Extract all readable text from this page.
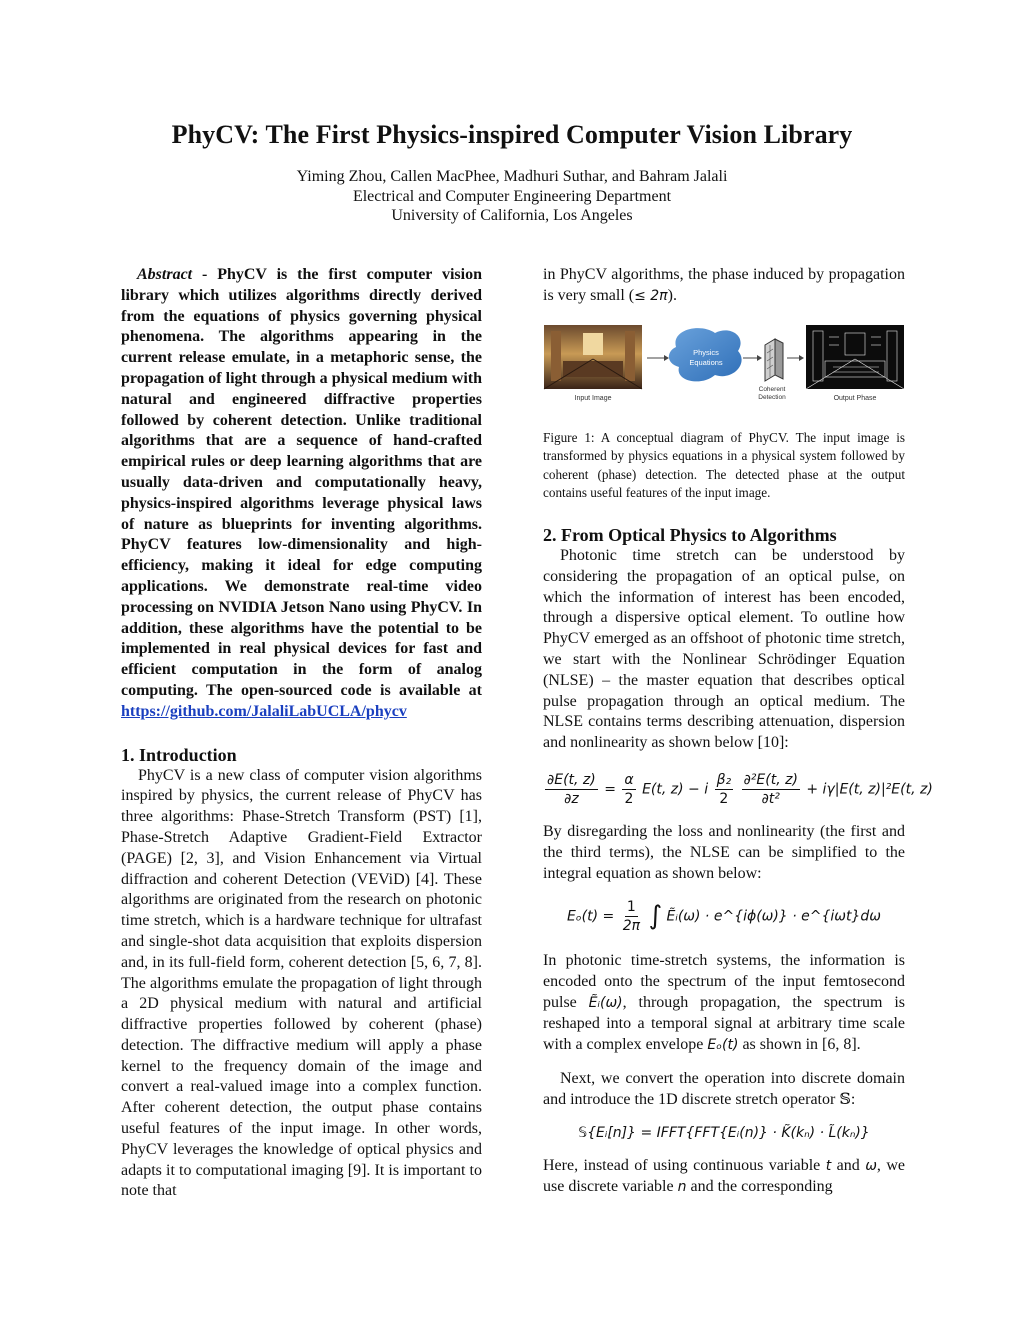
PhyCV: The First Physics-inspired Computer Vision Library
Yiming Zhou, Callen MacPhee, Madhuri Suthar, and Bahram Jalali
Electrical and Computer Engineering Department
University of California, Los Angeles

Abstract - PhyCV is the first computer vision library which utilizes algorithms directly derived from the equations of physics governing physical phenomena. The algorithms appearing in the current release emulate, in a metaphoric sense, the propagation of light through a physical medium with natural and engineered diffractive properties followed by coherent detection. Unlike traditional algorithms that are a sequence of hand-crafted empirical rules or deep learning algorithms that are usually data-driven and computationally heavy, physics-inspired algorithms leverage physical laws of nature as blueprints for inventing algorithms. PhyCV features low-dimensionality and high-efficiency, making it ideal for edge computing applications. We demonstrate real-time video processing on NVIDIA Jetson Nano using PhyCV. In addition, these algorithms have the potential to be implemented in real physical devices for fast and efficient computation in the form of analog computing. The open-sourced code is available at https://github.com/JalaliLabUCLA/phycv

1. Introduction

PhyCV is a new class of computer vision algorithms inspired by physics, the current release of PhyCV has three algorithms: Phase-Stretch Transform (PST) [1], Phase-Stretch Adaptive Gradient-Field Extractor (PAGE) [2, 3], and Vision Enhancement via Virtual diffraction and coherent Detection (VEViD) [4]. These algorithms are originated from the research on photonic time stretch, which is a hardware technique for ultrafast and single-shot data acquisition that exploits dispersion and, in its full-field form, coherent detection [5, 6, 7, 8]. The algorithms emulate the propagation of light through a 2D physical medium with natural and artificial diffractive properties followed by coherent (phase) detection. The diffractive medium will apply a phase kernel to the frequency domain of the image and convert a real-valued image into a complex function. After coherent detection, the output phase contains useful features of the input image. In other words, PhyCV leverages the knowledge of optical physics and adapts it to computational imaging [9]. It is important to note that

in PhyCV algorithms, the phase induced by propagation is very small (≤ 2π).

Input Image
Physics
Equations
Coherent
Detection	Output Phase

Figure 1: A conceptual diagram of PhyCV. The input image is transformed by physics equations in a physical system followed by coherent (phase) detection. The detected phase at the output contains useful features of the input image.

2. From Optical Physics to Algorithms

Photonic time stretch can be understood by considering the propagation of an optical pulse, on which the information of interest has been encoded, through a dispersive optical element. To outline how PhyCV emerged as an offshoot of photonic time stretch, we start with the Nonlinear Schrödinger Equation (NLSE) – the master equation that describes optical pulse propagation through an optical medium. The NLSE contains terms describing attenuation, dispersion and nonlinearity as shown below [10]:

$\frac{\partial E(t, z)}{\partial z} = \frac{\alpha}{2} E(t$, z) − i $\frac{\text{β₂}}{2}$
$\frac{\text{∂²E(t, z)}}{\text{∂t²}} + i\gamma|E(t$, z)|²E(t, z)

By disregarding the loss and nonlinearity (the first and the third terms), the NLSE can be simplified to the integral equation as shown below:

$E_o(t) = \frac{1}{2\pi}$ ∫ Ẽᵢ(ω) · e^{iϕ(ω)} · e^{iωt}dω

In photonic time-stretch systems, the information is encoded onto the spectrum of the input femtosecond pulse Ẽᵢ(ω), through propagation, the spectrum is reshaped into a temporal signal at arbitrary time scale with a complex envelope Eₒ(t) as shown in [6, 8].

Next, we convert the operation into discrete domain and introduce the 1D discrete stretch operator 𝕊:

𝕊{Eᵢ[n]} = IFFT{FFT{Eᵢ(n)} · K̃(kₙ) · L̃(kₙ)}

Here, instead of using continuous variable t and ω, we use discrete variable n and the corresponding
